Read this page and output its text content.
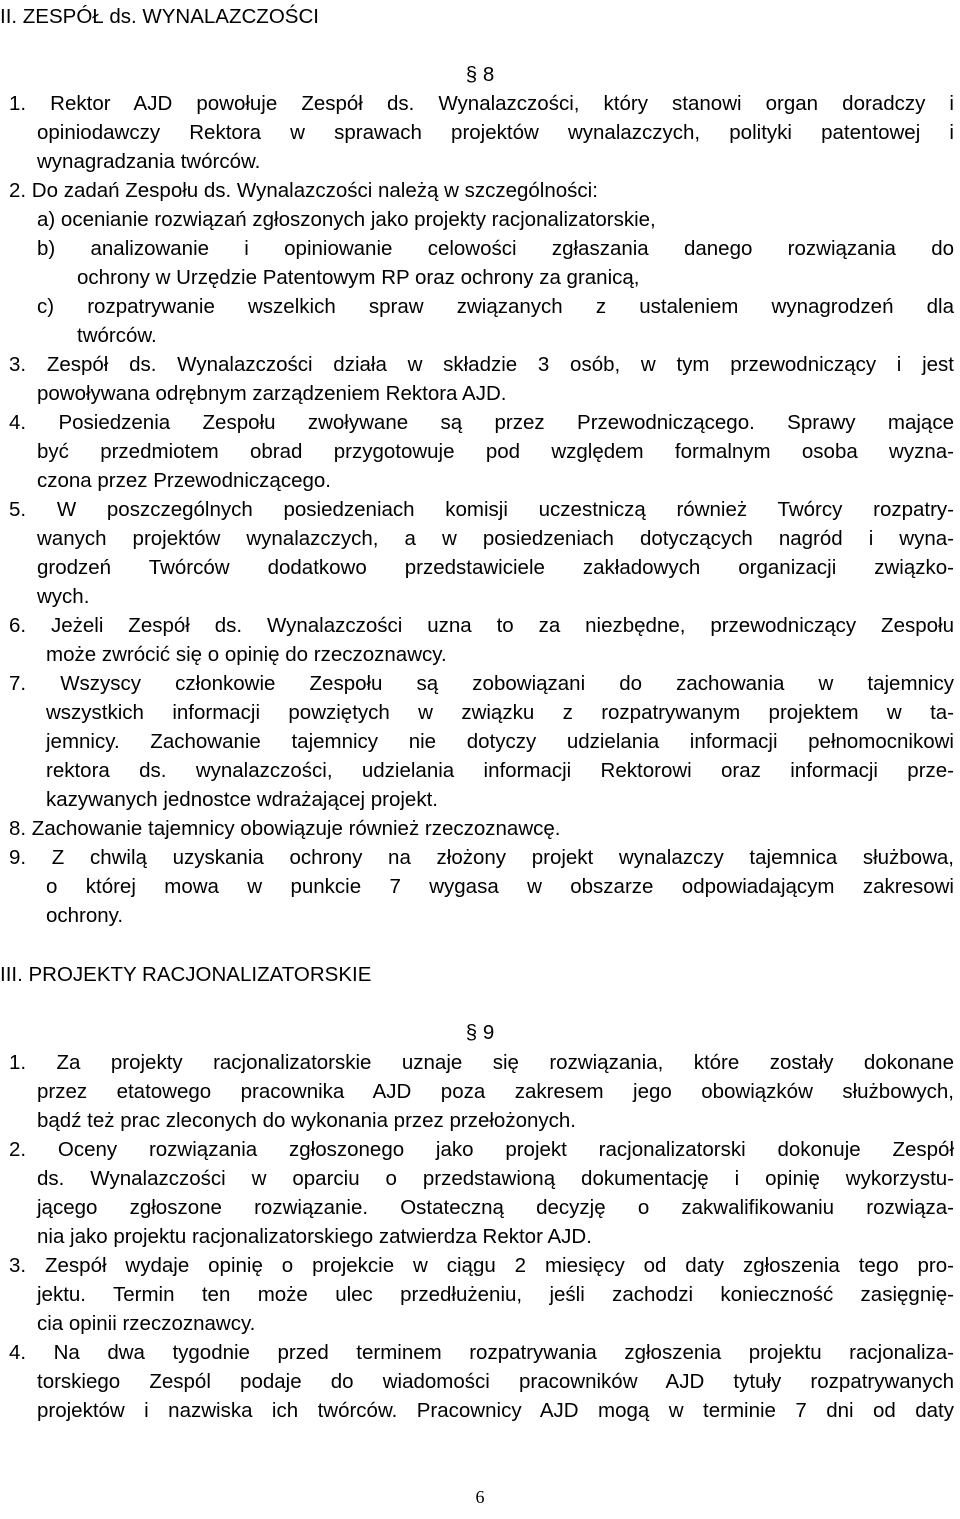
II. ZESPÓŁ ds. WYNALAZCZOŚCI
§ 8
1. Rektor AJD powołuje Zespół ds. Wynalazczości, który stanowi organ doradczy i
opiniodawczy Rektora w sprawach projektów wynalazczych, polityki patentowej i
wynagradzania twórców.
2. Do zadań Zespołu ds. Wynalazczości należą w szczególności:
a) ocenianie rozwiązań zgłoszonych jako projekty racjonalizatorskie,
b) analizowanie i opiniowanie celowości zgłaszania danego rozwiązania do
ochrony w Urzędzie Patentowym RP oraz ochrony za granicą,
c) rozpatrywanie wszelkich spraw związanych z ustaleniem wynagrodzeń dla
twórców.
3. Zespół ds. Wynalazczości działa w składzie 3 osób, w tym przewodniczący i jest
powoływana odrębnym zarządzeniem Rektora AJD.
4. Posiedzenia Zespołu zwoływane są przez Przewodniczącego. Sprawy mające
być przedmiotem obrad przygotowuje pod względem formalnym osoba wyzna-
czona przez Przewodniczącego.
5. W poszczególnych posiedzeniach komisji uczestniczą również Twórcy rozpatry-
wanych projektów wynalazczych, a w posiedzeniach dotyczących nagród i wyna-
grodzeń Twórców dodatkowo przedstawiciele zakładowych organizacji związko-
wych.
6. Jeżeli Zespół ds. Wynalazczości uzna to za niezbędne, przewodniczący Zespołu
może zwrócić się o opinię do rzeczoznawcy.
7. Wszyscy członkowie Zespołu są zobowiązani do zachowania w tajemnicy
wszystkich informacji powziętych w związku z rozpatrywanym projektem w ta-
jemnicy. Zachowanie tajemnicy nie dotyczy udzielania informacji pełnomocnikowi
rektora ds. wynalazczości, udzielania informacji Rektorowi oraz informacji prze-
kazywanych jednostce wdrażającej projekt.
8. Zachowanie tajemnicy obowiązuje również rzeczoznawcę.
9. Z chwilą uzyskania ochrony na złożony projekt wynalazczy tajemnica służbowa,
o której mowa w punkcie 7 wygasa w obszarze odpowiadającym zakresowi
ochrony.
III. PROJEKTY RACJONALIZATORSKIE
§ 9
1. Za projekty racjonalizatorskie uznaje się rozwiązania, które zostały dokonane
przez etatowego pracownika AJD poza zakresem jego obowiązków służbowych,
bądź też prac zleconych do wykonania przez przełożonych.
2. Oceny rozwiązania zgłoszonego jako projekt racjonalizatorski dokonuje Zespół
ds. Wynalazczości w oparciu o przedstawioną dokumentację i opinię wykorzystu-
jącego zgłoszone rozwiązanie. Ostateczną decyzję o zakwalifikowaniu rozwiąza-
nia jako projektu racjonalizatorskiego zatwierdza Rektor AJD.
3. Zespół wydaje opinię o projekcie w ciągu 2 miesięcy od daty zgłoszenia tego pro-
jektu. Termin ten może ulec przedłużeniu, jeśli zachodzi konieczność zasięgnię-
cia opinii rzeczoznawcy.
4. Na dwa tygodnie przed terminem rozpatrywania zgłoszenia projektu racjonaliza-
torskiego Zespól podaje do wiadomości pracowników AJD tytuły rozpatrywanych
projektów i nazwiska ich twórców. Pracownicy AJD mogą w terminie 7 dni od daty
6
